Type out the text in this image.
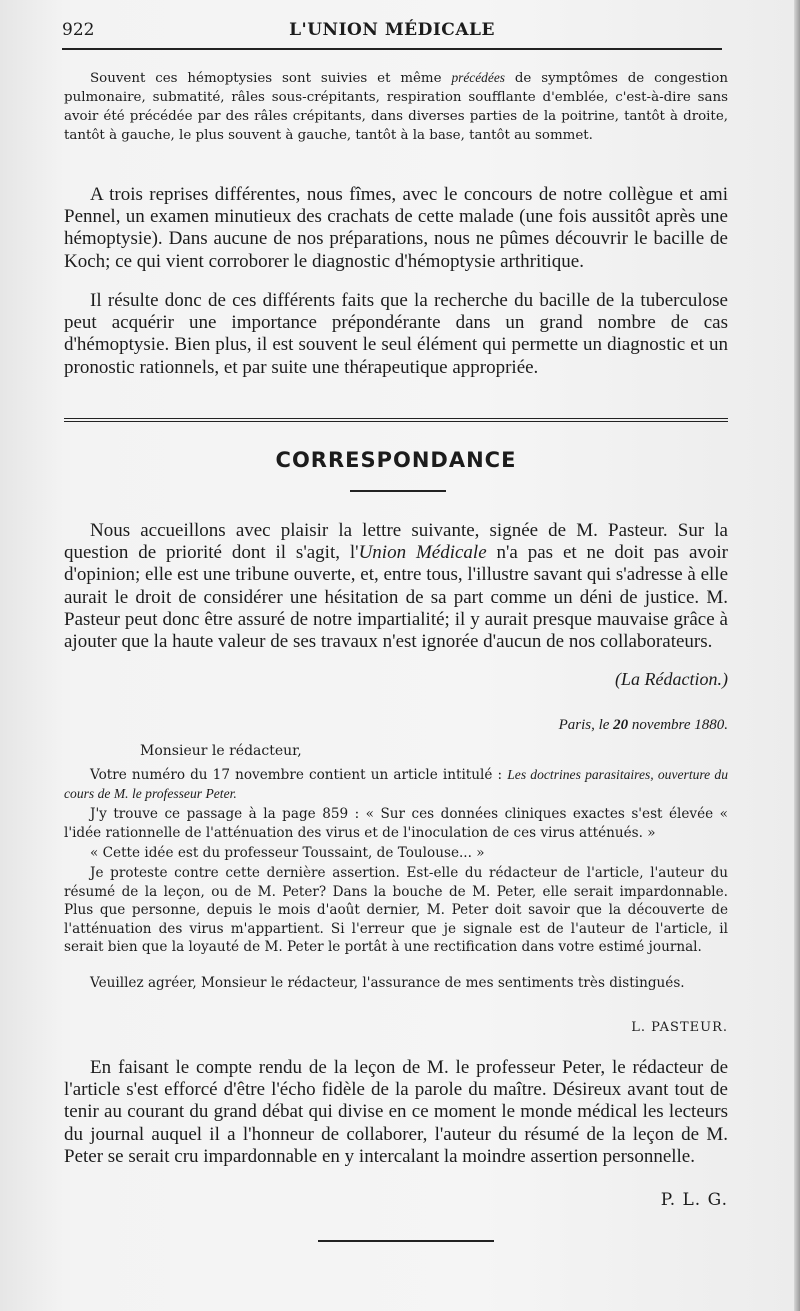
922	L'UNION MÉDICALE

Souvent ces hémoptysies sont suivies et même précédées de symptômes de congestion pulmonaire, submatité, râles sous-crépitants, respiration soufflante d'emblée, c'est-à-dire sans avoir été précédée par des râles crépitants, dans diverses parties de la poitrine, tantôt à droite, tantôt à gauche, le plus souvent à gauche, tantôt à la base, tantôt au sommet.

A trois reprises différentes, nous fîmes, avec le concours de notre collègue et ami Pennel, un examen minutieux des crachats de cette malade (une fois aussitôt après une hémoptysie). Dans aucune de nos préparations, nous ne pûmes découvrir le bacille de Koch; ce qui vient corroborer le diagnostic d'hémoptysie arthritique.

Il résulte donc de ces différents faits que la recherche du bacille de la tuberculose peut acquérir une importance prépondérante dans un grand nombre de cas d'hémoptysie. Bien plus, il est souvent le seul élément qui permette un diagnostic et un pronostic rationnels, et par suite une thérapeutique appropriée.

CORRESPONDANCE

Nous accueillons avec plaisir la lettre suivante, signée de M. Pasteur. Sur la question de priorité dont il s'agit, l'Union Médicale n'a pas et ne doit pas avoir d'opinion; elle est une tribune ouverte, et, entre tous, l'illustre savant qui s'adresse à elle aurait le droit de considérer une hésitation de sa part comme un déni de justice. M. Pasteur peut donc être assuré de notre impartialité; il y aurait presque mauvaise grâce à ajouter que la haute valeur de ses travaux n'est ignorée d'aucun de nos collaborateurs.

(La Rédaction.)
Paris, le 20 novembre 1880.

Monsieur le rédacteur,

Votre numéro du 17 novembre contient un article intitulé : Les doctrines parasitaires, ouverture du cours de M. le professeur Peter.

J'y trouve ce passage à la page 859 : « Sur ces données cliniques exactes s'est élevée « l'idée rationnelle de l'atténuation des virus et de l'inoculation de ces virus atténués. »

« Cette idée est du professeur Toussaint, de Toulouse... »

Je proteste contre cette dernière assertion. Est-elle du rédacteur de l'article, l'auteur du résumé de la leçon, ou de M. Peter? Dans la bouche de M. Peter, elle serait impardonnable. Plus que personne, depuis le mois d'août dernier, M. Peter doit savoir que la découverte de l'atténuation des virus m'appartient. Si l'erreur que je signale est de l'auteur de l'article, il serait bien que la loyauté de M. Peter le portât à une rectification dans votre estimé journal.

Veuillez agréer, Monsieur le rédacteur, l'assurance de mes sentiments très distingués.

L. PASTEUR.

En faisant le compte rendu de la leçon de M. le professeur Peter, le rédacteur de l'article s'est efforcé d'être l'écho fidèle de la parole du maître. Désireux avant tout de tenir au courant du grand débat qui divise en ce moment le monde médical les lecteurs du journal auquel il a l'honneur de collaborer, l'auteur du résumé de la leçon de M. Peter se serait cru impardonnable en y intercalant la moindre assertion personnelle.

P. L. G.
